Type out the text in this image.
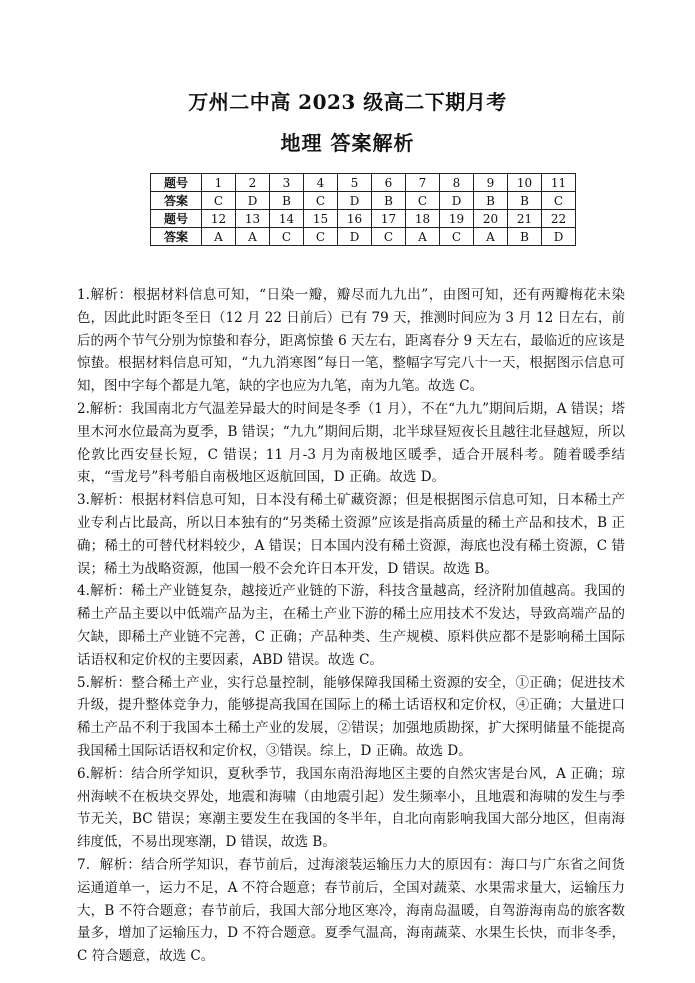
万州二中高 2023 级高二下期月考
地理 答案解析
题号	1	2	3	4	5	6	7	8	9	10	11
答案	C	D	B	C	D	B	C	D	B	B	C
题号	12	13	14	15	16	17	18	19	20	21	22
答案	A	A	C	C	D	C	A	C	A	B	D

1.解析：根据材料信息可知，“日染一瓣，瓣尽而九九出”，由图可知，还有两瓣梅花未染色，因此此时距冬至日（12 月 22 日前后）已有 79 天，推测时间应为 3 月 12 日左右，前后的两个节气分别为惊蛰和春分，距离惊蛰 6 天左右，距离春分 9 天左右，最临近的应该是惊蛰。根据材料信息可知，“九九消寒图”每日一笔，整幅字写完八十一天，根据图示信息可知，图中字每个都是九笔，缺的字也应为九笔，南为九笔。故选 C。

2.解析：我国南北方气温差异最大的时间是冬季（1 月），不在“九九”期间后期，A 错误；塔里木河水位最高为夏季，B 错误；“九九”期间后期，北半球昼短夜长且越往北昼越短，所以伦敦比西安昼长短，C 错误；11 月-3 月为南极地区暖季，适合开展科考。随着暖季结束，“雪龙号”科考船自南极地区返航回国，D 正确。故选 D。

3.解析：根据材料信息可知，日本没有稀土矿藏资源；但是根据图示信息可知，日本稀土产业专利占比最高，所以日本独有的“另类稀土资源”应该是指高质量的稀土产品和技术，B 正确；稀土的可替代材料较少，A 错误；日本国内没有稀土资源，海底也没有稀土资源，C 错误；稀土为战略资源，他国一般不会允许日本开发，D 错误。故选 B。

4.解析：稀土产业链复杂，越接近产业链的下游，科技含量越高，经济附加值越高。我国的稀土产品主要以中低端产品为主，在稀土产业下游的稀土应用技术不发达，导致高端产品的欠缺，即稀土产业链不完善，C 正确；产品种类、生产规模、原料供应都不是影响稀土国际话语权和定价权的主要因素，ABD 错误。故选 C。

5.解析：整合稀土产业，实行总量控制，能够保障我国稀土资源的安全，①正确；促进技术升级，提升整体竞争力，能够提高我国在国际上的稀土话语权和定价权，④正确；大量进口稀土产品不利于我国本土稀土产业的发展，②错误；加强地质勘探，扩大探明储量不能提高我国稀土国际话语权和定价权，③错误。综上，D 正确。故选 D。

6.解析：结合所学知识，夏秋季节，我国东南沿海地区主要的自然灾害是台风，A 正确；琼州海峡不在板块交界处，地震和海啸（由地震引起）发生频率小，且地震和海啸的发生与季节无关，BC 错误；寒潮主要发生在我国的冬半年，自北向南影响我国大部分地区，但南海纬度低，不易出现寒潮，D 错误，故选 B。

7．解析：结合所学知识，春节前后，过海滚装运输压力大的原因有：海口与广东省之间货运通道单一，运力不足，A 不符合题意；春节前后，全国对蔬菜、水果需求量大，运输压力大，B 不符合题意；春节前后，我国大部分地区寒冷，海南岛温暖，自驾游海南岛的旅客数量多，增加了运输压力，D 不符合题意。夏季气温高，海南蔬菜、水果生长快，而非冬季，C 符合题意，故选 C。
